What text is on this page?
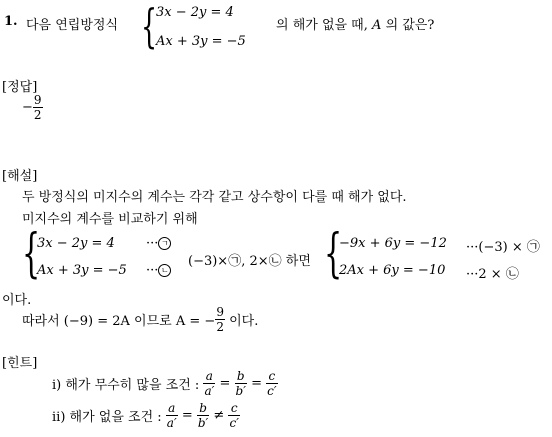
1. 다음 연립방정식 {
3x − 2y = 4
Ax + 3y = −5
의 해가 없을 때, A 의 값은?
[정답]
− $\frac{9}{2}$
[해설]
두 방정식의 미지수의 계수는 각각 같고 상수항이 다를 때 해가 없다.
미지수의 계수를 비교하기 위해
{
3x − 2y = 4 ··· ㄱ
Ax + 3y = −5 ··· ㄴ
(−3)×㉠, 2×㉡ 하면 {
−9x + 6y = −12 ···(−3) × ㉠
2Ax + 6y = −10 ···2 × ㉡
이다.
따라서 (−9) = 2A 이므로 A = − $\frac{9}{2}$ 이다.
[힌트]
ⅰ) 해가 무수히 많을 조건 : $\frac{a}{a'} = \frac{b}{b'} = \frac{c}{c'}$
ⅱ) 해가 없을 조건 : $\frac{a}{a'} = \frac{b}{b'} \ne \frac{c}{c'}$
